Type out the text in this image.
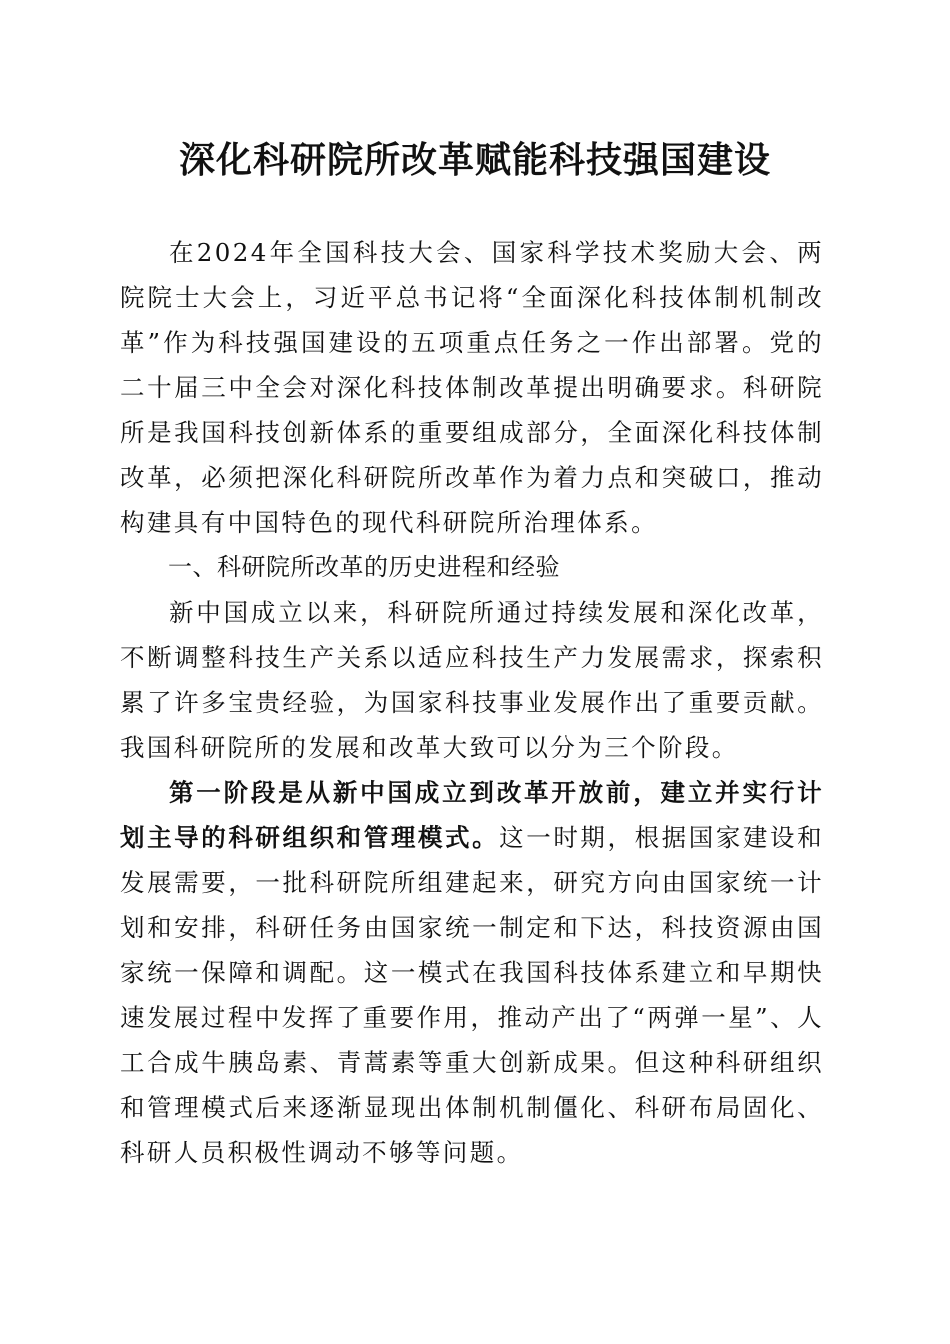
深化科研院所改革赋能科技强国建设

在2024年全国科技大会、国家科学技术奖励大会、两院院士大会上，习近平总书记将“全面深化科技体制机制改革”作为科技强国建设的五项重点任务之一作出部署。党的二十届三中全会对深化科技体制改革提出明确要求。科研院所是我国科技创新体系的重要组成部分，全面深化科技体制改革，必须把深化科研院所改革作为着力点和突破口，推动构建具有中国特色的现代科研院所治理体系。

一、科研院所改革的历史进程和经验

新中国成立以来，科研院所通过持续发展和深化改革，不断调整科技生产关系以适应科技生产力发展需求，探索积累了许多宝贵经验，为国家科技事业发展作出了重要贡献。我国科研院所的发展和改革大致可以分为三个阶段。

第一阶段是从新中国成立到改革开放前，建立并实行计划主导的科研组织和管理模式。这一时期，根据国家建设和发展需要，一批科研院所组建起来，研究方向由国家统一计划和安排，科研任务由国家统一制定和下达，科技资源由国家统一保障和调配。这一模式在我国科技体系建立和早期快速发展过程中发挥了重要作用，推动产出了“两弹一星”、人工合成牛胰岛素、青蒿素等重大创新成果。但这种科研组织和管理模式后来逐渐显现出体制机制僵化、科研布局固化、科研人员积极性调动不够等问题。
